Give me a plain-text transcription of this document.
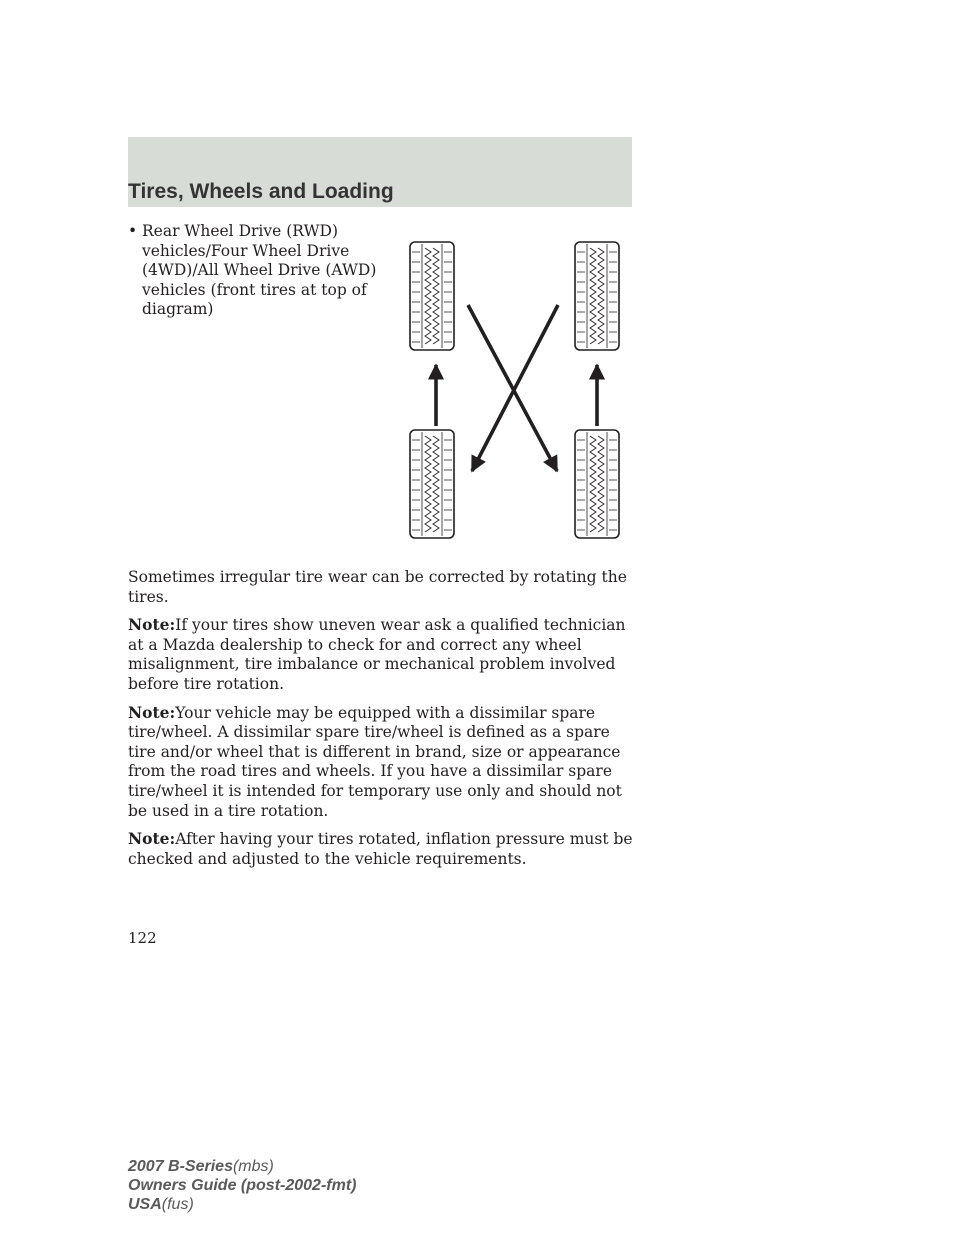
Tires, Wheels and Loading
• Rear Wheel Drive (RWD) vehicles/Four Wheel Drive (4WD)/All Wheel Drive (AWD) vehicles (front tires at top of diagram)

Sometimes irregular tire wear can be corrected by rotating the tires.

Note:If your tires show uneven wear ask a qualified technician at a Mazda dealership to check for and correct any wheel misalignment, tire imbalance or mechanical problem involved before tire rotation.

Note:Your vehicle may be equipped with a dissimilar spare tire/wheel. A dissimilar spare tire/wheel is defined as a spare tire and/or wheel that is different in brand, size or appearance from the road tires and wheels. If you have a dissimilar spare tire/wheel it is intended for temporary use only and should not be used in a tire rotation.

Note:After having your tires rotated, inflation pressure must be checked and adjusted to the vehicle requirements.

122
2007 B-Series(mbs)
Owners Guide (post-2002-fmt)
USA(fus)
